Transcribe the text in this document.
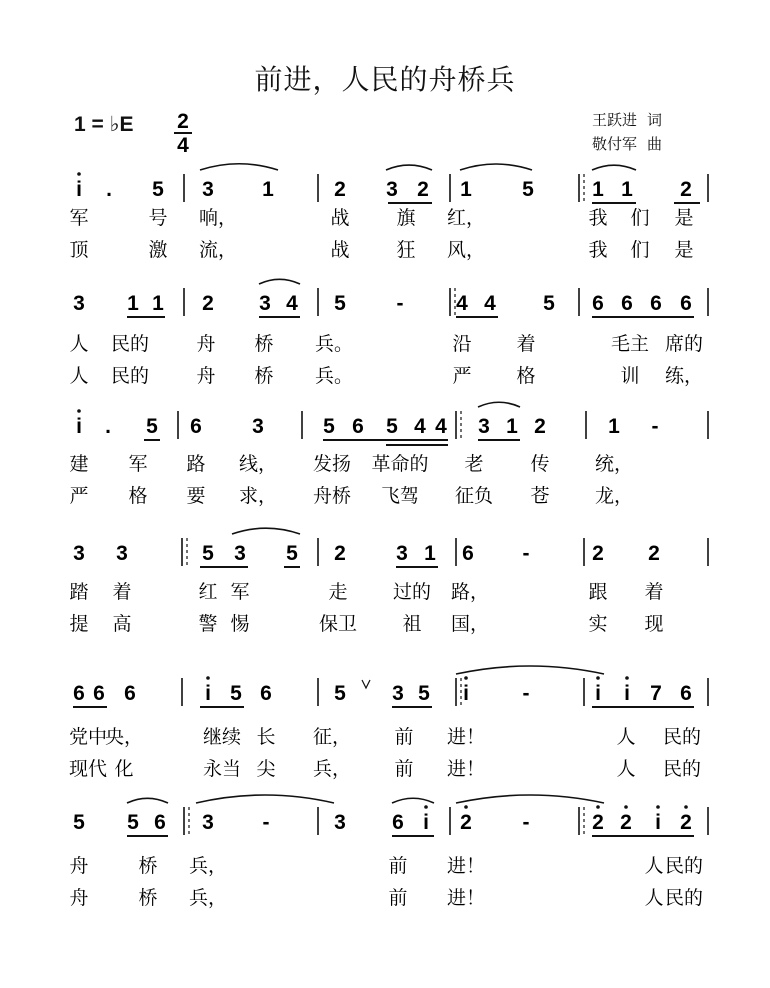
前进，人民的舟桥兵
1 = ♭E	王跃进 词
敬付军 曲
2
4
i . 5 3 1	2 3 2 1 5	1 1 2
军	号 响，	战 旗 红，	我 们 是
顶	激 流，	战 狂 风，	我 们 是
3 1 1 2 3 4 5 -	4 4 5 6 6 6 6
人 民的 舟 桥 兵。	沿 着	毛主 席的
人 民的 舟 桥 兵。	严 格	训 练，
i . 5 6 3	5 6 5 4 4 3 1 2	1 -
建 军 路 线， 发扬 革命的 老 传 统，
严 格 要 求， 舟桥 飞驾 征负 苍 龙，
3 3	5 3 5 2 3 1 6 -	2 2
踏 着	红 军	走 过的 路，	跟 着
提 高	警 惕	保卫 祖 国，	实 现
6 6 6	i 5 6	5 3 5 i	-	i i 7 6
党中
央，	继续 长 征， 前 进！	人 民的
现代 化	永当 尖 兵， 前 进！	人 民的
5 5 6 3 -	3 6 i 2 -	2 2 i 2
舟	桥 兵，	前 进！	人 民的
舟	桥 兵，	前 进！	人 民的
